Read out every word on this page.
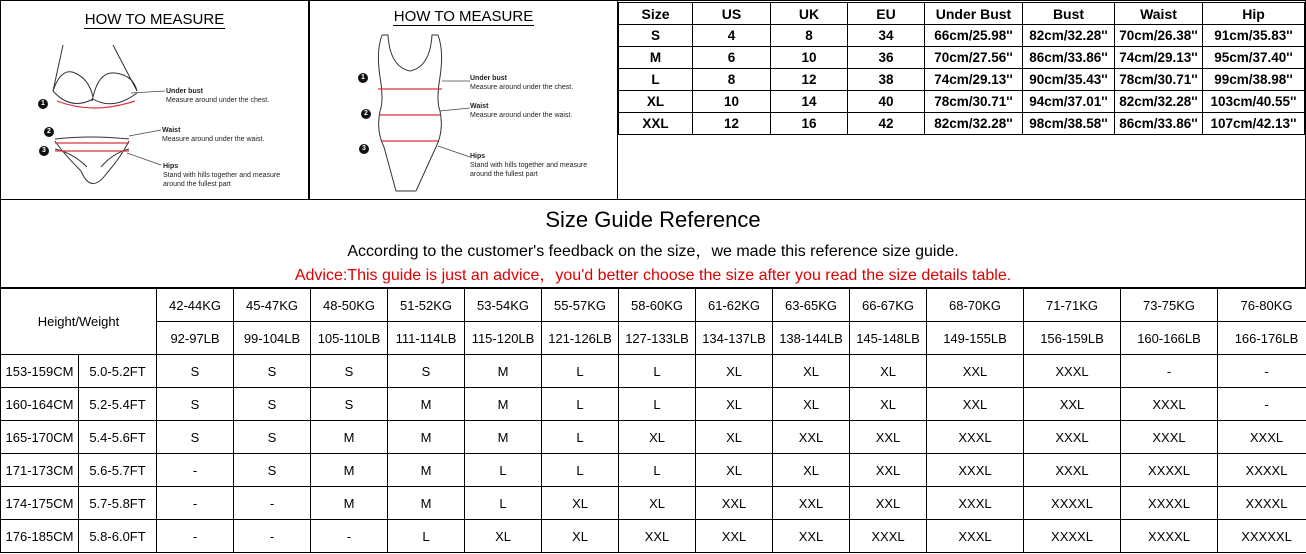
HOW TO MEASURE
1
2
3
Under bust
Measure around under the chest.
Waist
Measure around under the waist.
Hips
Stand with hills together and measure around the fullest part
HOW TO MEASURE
1
2
3
Under bust
Measure around under the chest.
Waist
Measure around under the waist.
Hips
Stand with hills together and measure around the fullest part
Size	US	UK	EU	Under Bust	Bust	Waist	Hip
S	4	8	34	66cm/25.98''	82cm/32.28''	70cm/26.38''	91cm/35.83''
M	6	10	36	70cm/27.56''	86cm/33.86''	74cm/29.13''	95cm/37.40''
L	8	12	38	74cm/29.13''	90cm/35.43''	78cm/30.71''	99cm/38.98''
XL	10	14	40	78cm/30.71''	94cm/37.01''	82cm/32.28''	103cm/40.55''
XXL	12	16	42	82cm/32.28''	98cm/38.58''	86cm/33.86''	107cm/42.13''
Size Guide Reference
According to the customer's feedback on the size，we made this reference size guide.
Advice:This guide is just an advice，you'd better choose the size after you read the size details table.
Height/Weight		42-44KG	45-47KG	48-50KG	51-52KG	53-54KG	55-57KG	58-60KG	61-62KG	63-65KG	66-67KG	68-70KG	71-71KG	73-75KG	76-80KG
		92-97LB	99-104LB	105-110LB	111-114LB	115-120LB	121-126LB	127-133LB	134-137LB	138-144LB	145-148LB	149-155LB	156-159LB	160-166LB	166-176LB
153-159CM	5.0-5.2FT	S	S	S	S	M	L	L	XL	XL	XL	XXL	XXXL	-	-
160-164CM	5.2-5.4FT	S	S	S	M	M	L	L	XL	XL	XL	XXL	XXL	XXXL	-
165-170CM	5.4-5.6FT	S	S	M	M	M	L	XL	XL	XXL	XXL	XXXL	XXXL	XXXL	XXXL
171-173CM	5.6-5.7FT	-	S	M	M	L	L	L	XL	XL	XXL	XXXL	XXXL	XXXXL	XXXXL
174-175CM	5.7-5.8FT	-	-	M	M	L	XL	XL	XXL	XXL	XXL	XXXL	XXXXL	XXXXL	XXXXL
176-185CM	5.8-6.0FT	-	-	-	L	XL	XL	XXL	XXL	XXL	XXXL	XXXL	XXXXL	XXXXL	XXXXXL
